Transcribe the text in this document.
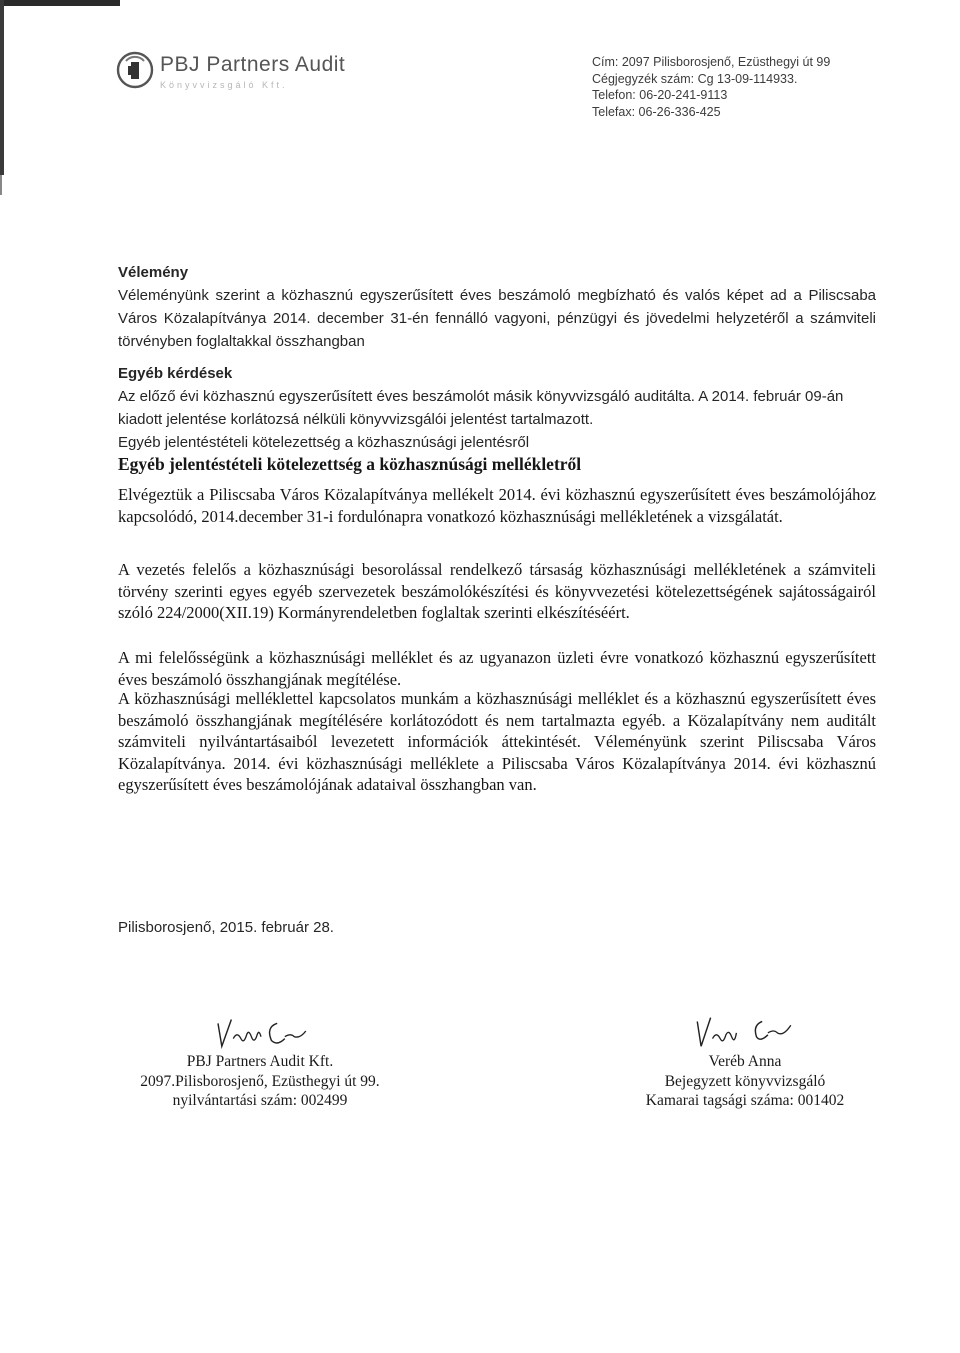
PBJ Partners Audit
Könyvvizsgáló Kft.
Cím: 2097 Pilisborosjenő, Ezüsthegyi út 99
Cégjegyzék szám: Cg 13-09-114933.
Telefon: 06-20-241-9113
Telefax: 06-26-336-425
Vélemény
Véleményünk szerint a közhasznú egyszerűsített éves beszámoló megbízható és valós képet ad a Piliscsaba Város Közalapítványa 2014. december 31-én fennálló vagyoni, pénzügyi és jövedelmi helyzetéről a számviteli törvényben foglaltakkal összhangban
Egyéb kérdések
Az előző évi közhasznú egyszerűsített éves beszámolót másik könyvvizsgáló auditálta. A 2014. február 09-án kiadott jelentése korlátozsá nélküli könyvvizsgálói jelentést tartalmazott.
Egyéb jelentéstételi kötelezettség a közhasznúsági jelentésről
Egyéb jelentéstételi kötelezettség a közhasznúsági mellékletről
Elvégeztük a Piliscsaba Város Közalapítványa mellékelt 2014. évi közhasznú egyszerűsített éves beszámolójához kapcsolódó, 2014.december 31-i fordulónapra vonatkozó közhasznúsági mellékletének a vizsgálatát.
A vezetés felelős a közhasznúsági besorolással rendelkező társaság közhasznúsági mellékletének a számviteli törvény szerinti egyes egyéb szervezetek beszámolókészítési és könyvvezetési kötelezettségének sajátosságairól szóló 224/2000(XII.19) Kormányrendeletben foglaltak szerinti elkészítéséért.
A mi felelősségünk a közhasznúsági melléklet és az ugyanazon üzleti évre vonatkozó közhasznú egyszerűsített éves beszámoló összhangjának megítélése.
A közhasznúsági melléklettel kapcsolatos munkám a közhasznúsági melléklet és a közhasznú egyszerűsített éves beszámoló összhangjának megítélésére korlátozódott és nem tartalmazta egyéb. a Közalapítvány nem auditált számviteli nyilvántartásaiból levezetett információk áttekintését. Véleményünk szerint Piliscsaba Város Közalapítványa. 2014. évi közhasznúsági melléklete a Piliscsaba Város Közalapítványa 2014. évi közhasznú egyszerűsített éves beszámolójának adataival összhangban van.
Pilisborosjenő, 2015. február 28.
PBJ Partners Audit Kft.
2097.Pilisborosjenő, Ezüsthegyi út 99.
nyilvántartási szám: 002499
Veréb Anna
Bejegyzett könyvvizsgáló
Kamarai tagsági száma: 001402
